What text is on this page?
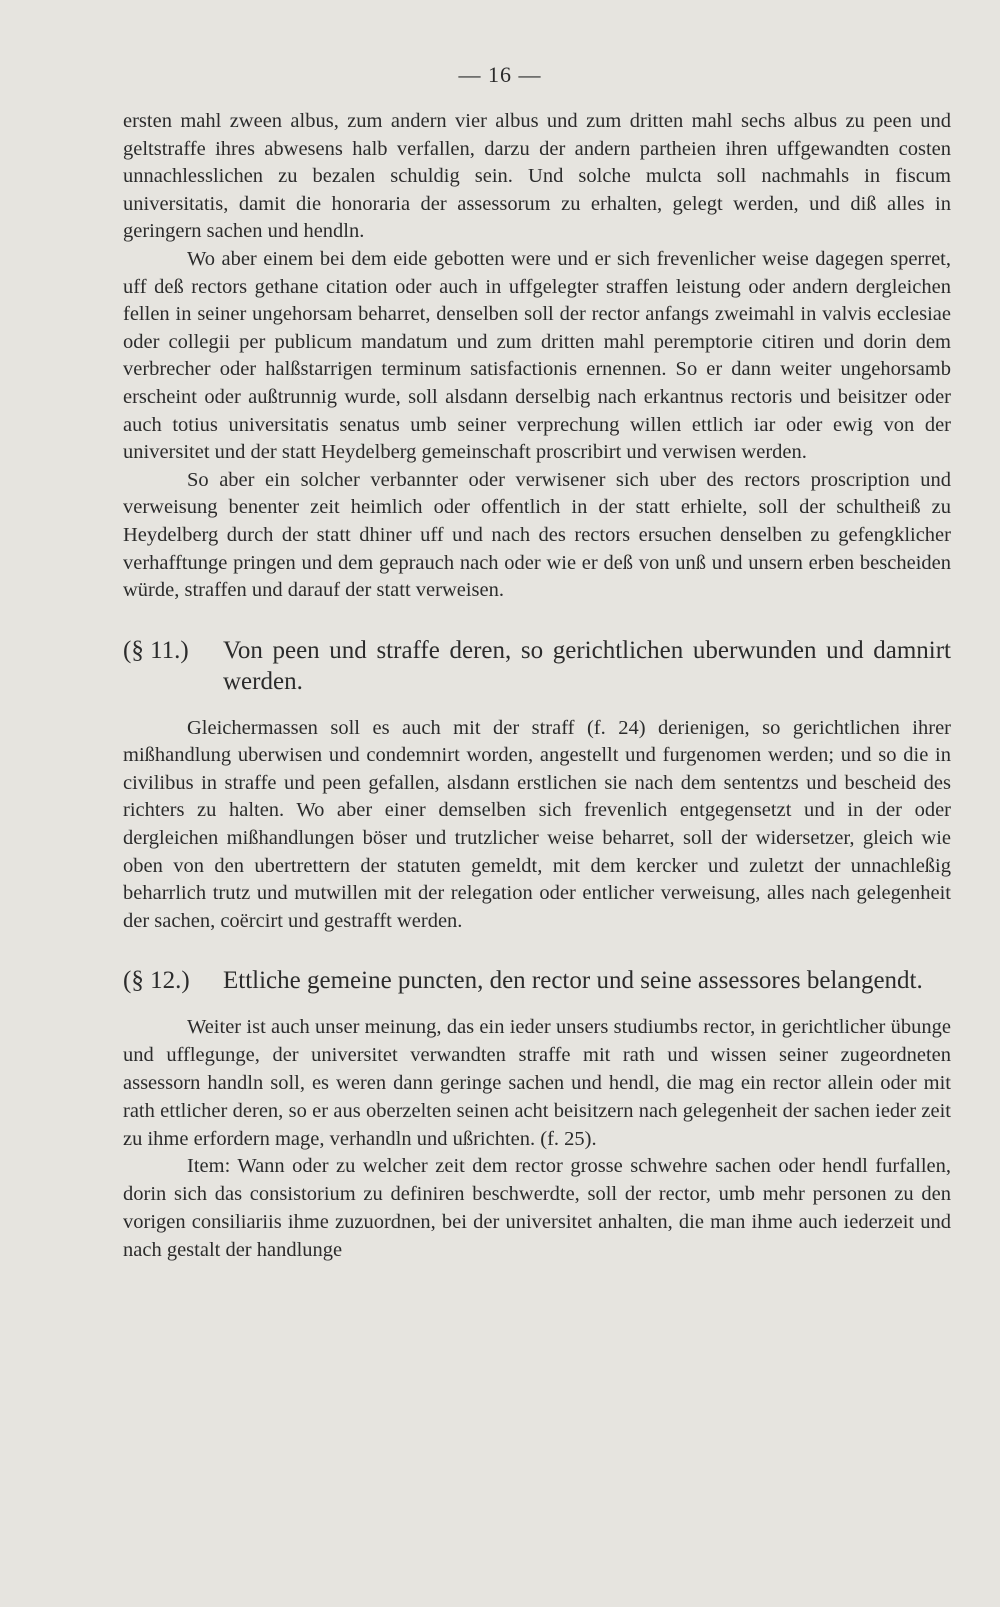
— 16 —

ersten mahl zween albus, zum andern vier albus und zum dritten mahl sechs albus zu peen und geltstraffe ihres abwesens halb verfallen, darzu der andern partheien ihren uffgewandten costen unnachlesslichen zu bezalen schuldig sein. Und solche mulcta soll nachmahls in fiscum universitatis, damit die honoraria der assessorum zu erhalten, gelegt werden, und diß alles in geringern sachen und hendln.

Wo aber einem bei dem eide gebotten were und er sich frevenlicher weise dagegen sperret, uff deß rectors gethane citation oder auch in uffgelegter straffen leistung oder andern dergleichen fellen in seiner ungehorsam beharret, denselben soll der rector anfangs zweimahl in valvis ecclesiae oder collegii per publicum mandatum und zum dritten mahl peremptorie citiren und dorin dem verbrecher oder halßstarrigen terminum satisfactionis ernennen. So er dann weiter ungehorsamb erscheint oder außtrunnig wurde, soll alsdann derselbig nach erkantnus rectoris und beisitzer oder auch totius universitatis senatus umb seiner verprechung willen ettlich iar oder ewig von der universitet und der statt Heydelberg gemeinschaft proscribirt und verwisen werden.

So aber ein solcher verbannter oder verwisener sich uber des rectors proscription und verweisung benenter zeit heimlich oder offentlich in der statt erhielte, soll der schultheiß zu Heydelberg durch der statt dhiner uff und nach des rectors ersuchen denselben zu gefengklicher verhafftunge pringen und dem geprauch nach oder wie er deß von unß und unsern erben bescheiden würde, straffen und darauf der statt verweisen.

(§ 11.)	Von peen und straffe deren, so gerichtlichen uberwunden und damnirt werden.

Gleichermassen soll es auch mit der straff (f. 24) derienigen, so gerichtlichen ihrer mißhandlung uberwisen und condemnirt worden, angestellt und furgenomen werden; und so die in civilibus in straffe und peen gefallen, alsdann erstlichen sie nach dem sententzs und bescheid des richters zu halten. Wo aber einer demselben sich frevenlich entgegensetzt und in der oder dergleichen mißhandlungen böser und trutzlicher weise beharret, soll der widersetzer, gleich wie oben von den ubertrettern der statuten gemeldt, mit dem kercker und zuletzt der unnachleßig beharrlich trutz und mutwillen mit der relegation oder entlicher verweisung, alles nach gelegenheit der sachen, coërcirt und gestrafft werden.

(§ 12.)	Ettliche gemeine puncten, den rector und seine assessores belangendt.

Weiter ist auch unser meinung, das ein ieder unsers studiumbs rector, in gerichtlicher übunge und ufflegunge, der universitet verwandten straffe mit rath und wissen seiner zugeordneten assessorn handln soll, es weren dann geringe sachen und hendl, die mag ein rector allein oder mit rath ettlicher deren, so er aus oberzelten seinen acht beisitzern nach gelegenheit der sachen ieder zeit zu ihme erfordern mage, verhandln und ußrichten. (f. 25).

Item: Wann oder zu welcher zeit dem rector grosse schwehre sachen oder hendl furfallen, dorin sich das consistorium zu definiren beschwerdte, soll der rector, umb mehr personen zu den vorigen consiliariis ihme zuzuordnen, bei der universitet anhalten, die man ihme auch iederzeit und nach gestalt der handlunge
